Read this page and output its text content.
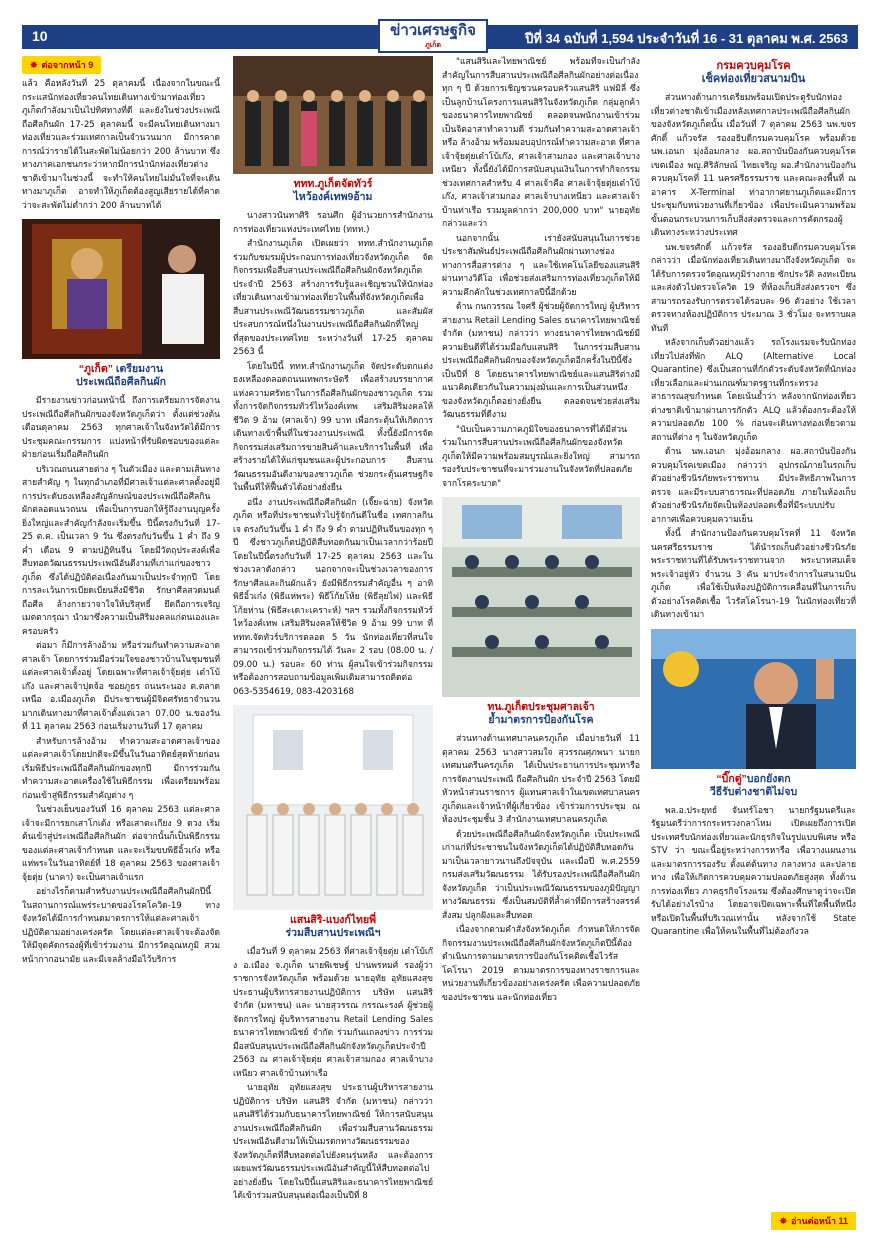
10	ข่าวเศรษฐกิจ
ภูเก็ต	ปีที่ 34 ฉบับที่ 1,594 ประจำวันที่ 16 - 31 ตุลาคม พ.ศ. 2563
✸ ต่อจากหน้า 9

แล้ว คือหลังวันที่ 25 ตุลาคมนี้ เนื่องจากในขณะนี้กระแสนักท่องเที่ยวคนไทยเดินทางเข้ามาท่องเที่ยวภูเก็ตกำลังมาเป็นไปทิศทางที่ดี และยังในช่วงประเพณีถือศีลกินผัก 17-25 ตุลาคมนี้ จะมีคนไทยเดินทางมาท่องเที่ยวและร่วมเทศกาลเป็นจำนวนมาก มีการคาดการณ์ว่ารายได้ในสะพัดไม่น้อยกว่า 200 ล้านบาท ซึ่งทางภาคเอกชนกระว่าหากมีการนำนักท่องเที่ยวต่างชาติเข้ามาในช่วงนี้ จะทำให้คนไทยไม่มั่นใจที่จะเดินทางมาภูเก็ต อาจทำให้ภูเก็ตต้องสูญเสียรายได้ที่คาดว่าจะสะพัดไม่ต่ำกว่า 200 ล้านบาทได้

“ภูเก็ต” เตรียมงาน
ประเพณีถือศีลกินผัก

มีรายงานข่าวก่อนหน้านี้ ถึงการเตรียมการจัดงานประเพณีถือศีลกินผักของจังหวัดภูเก็ตว่า ตั้งแต่ช่วงต้นเดือนตุลาคม 2563 ทุกศาลเจ้าในจังหวัดได้มีการประชุมคณะกรรมการ แบ่งหน้าที่รับผิดชอบของแต่ละฝ่ายก่อนเริ่มถือศีลกินผัก

บริเวณถนนสายต่าง ๆ ในตัวเมือง และตามเส้นทางสายสำคัญ ๆ ในทุกอำเภอที่มีศาลเจ้าแต่ละศาลตั้งอยู่มีการประดับธงเหลืองสัญลักษณ์ของประเพณีถือศีลกินผักตลอดแนวถนน เพื่อเป็นการบอกให้รู้ถึงงานบุญครั้งยิ่งใหญ่และสำคัญกำลังจะเริ่มขึ้น ปีนี้ตรงกับวันที่ 17-25 ต.ค. เป็นเวลา 9 วัน ซึ่งตรงกับวันขึ้น 1 ค่ำ ถึง 9 ค่ำ เดือน 9 ตามปฏิทินจีน โดยมีวัตถุประสงค์เพื่อสืบทอดวัฒนธรรมประเพณีอันดีงามที่เก่าแก่ของชาวภูเก็ต ซึ่งได้ปฏิบัติต่อเนื่องกันมาเป็นประจำทุกปี โดยการละเว้นการเบียดเบียนสิ่งมีชีวิต รักษาศีลสวดมนต์ถือศีล ล้างกายวาจาใจให้บริสุทธิ์ ยึดถือการเจริญเมตตากรุณา นำมาซึ่งความเป็นสิริมงคลแก่ตนเองและครอบครัว

ต่อมา ก็มีการล้างอ้าม หรือร่วมกันทำความสะอาดศาลเจ้า โดยการร่วมมือร่วมใจของชาวบ้านในชุมชนที่แต่ละศาลเจ้าตั้งอยู่ โดยเฉพาะที่ศาลเจ้าจุ้ยตุ่ย เต๋าโบ้เก๊ง และศาลเจ้าปุดจ้อ ซอยภูธร ถนนระนอง ต.ตลาดเหนือ อ.เมืองภูเก็ต มีประชาชนผู้มีจิตศรัทธาจำนวนมากเดินทางมาที่ศาลเจ้าตั้งแต่เวลา 07.00 น.ของวันที่ 11 ตุลาคม 2563 ก่อนเริ่มงานวันที่ 17 ตุลาคม

สำหรับการล้างอ้าม ทำความสะอาดศาลเจ้าของแต่ละศาลเจ้าโดยปกติจะมีขึ้นในวันอาทิตย์สุดท้ายก่อนเริ่มพิธีประเพณีถือศีลกินผักของทุกปี มีการร่วมกันทำความสะอาดเครื่องใช้ในพิธีกรรม เพื่อเตรียมพร้อมก่อนเข้าสู่พิธีกรรมสำคัญต่าง ๆ

ในช่วงเย็นของวันที่ 16 ตุลาคม 2563 แต่ละศาลเจ้าจะมีการยกเสาโกเต้ง หรือเสาตะเกียง 9 ดวง เริ่มต้นเข้าสู่ประเพณีถือศีลกินผัก ต่อจากนั้นก็เป็นพิธีกรรมของแต่ละศาลเจ้ากำหนด และจะเริ่มขบพิธีอิ้วเก๋ง หรือแห่พระในวันอาทิตย์ที่ 18 ตุลาคม 2563 ของศาลเจ้าจุ้ยตุ่ย (นาคา) จะเป็นศาลเจ้าแรก

อย่างไรก็ตามสำหรับงานประเพณีถือศีลกินผักปีนี้ในสถานการณ์แพร่ระบาดของโรคโควิด-19 ทางจังหวัดได้มีการกำหนดมาตรการให้แต่ละศาลเจ้าปฏิบัติตามอย่างเคร่งครัด โดยแต่ละศาลเจ้าจะต้องจัดให้มีจุดคัดกรองผู้ที่เข้าร่วมงาน มีการวัดอุณหภูมิ สวมหน้ากากอนามัย และมีเจลล้างมือไว้บริการ

ททท.ภูเก็ตจัดทัวร์
ไหว้องค์เทพ9อ้าม

นางสาวนันทาศิริ รอนศึก ผู้อำนวยการสำนักงานการท่องเที่ยวแห่งประเทศไทย (ททท.)

สำนักงานภูเก็ต เปิดเผยว่า ททท.สำนักงานภูเก็ต ร่วมกับชมรมผู้ประกอบการท่องเที่ยวจังหวัดภูเก็ต จัดกิจกรรมเพื่อสืบสานประเพณีถือศีลกินผักจังหวัดภูเก็ต ประจำปี 2563 สร้างการรับรู้และเชิญชวนให้นักท่องเที่ยวเดินทางเข้ามาท่องเที่ยวในพื้นที่จังหวัดภูเก็ตเพื่อสืบสานประเพณีวัฒนธรรมชาวภูเก็ต และสัมผัสประสบการณ์หนึ่งในงานประเพณีถือศีลกินผักที่ใหญ่ที่สุดของประเทศไทย ระหว่างวันที่ 17-25 ตุลาคม 2563 นี้

โดยในปีนี้ ททท.สำนักงานภูเก็ต จัดประดับตกแต่งธงเหลืองตลอดถนนเทพกระษัตรี เพื่อสร้างบรรยากาศแห่งความศรัทธาในการถือศีลกินผักของชาวภูเก็ต รวมทั้งการจัดกิจกรรมทัวร์ไหว้องค์เทพ เสริมสิริมงคลให้ชีวิต 9 อ้าม (ศาลเจ้า) 99 บาท เพื่อกระตุ้นให้เกิดการเดินทางเข้าพื้นที่ในช่วงงานประเพณี ทั้งนี้ยังมีการจัดกิจกรรมส่งเสริมการขายสินค้าและบริการในพื้นที่ เพื่อสร้างรายได้ให้แก่ชุมชนและผู้ประกอบการ สืบสานวัฒนธรรมอันดีงามของชาวภูเก็ต ช่วยกระตุ้นเศรษฐกิจในพื้นที่ให้ฟื้นตัวได้อย่างยั่งยืน

อนึ่ง งานประเพณีถือศีลกินผัก (เจี๊ยะฉ่าย) จังหวัดภูเก็ต หรือที่ประชาชนทั่วไปรู้จักกันดีในชื่อ เทศกาลกินเจ ตรงกับวันขึ้น 1 ค่ำ ถึง 9 ค่ำ ตามปฏิทินจีนของทุก ๆ ปี ซึ่งชาวภูเก็ตปฏิบัติสืบทอดกันมาเป็นเวลากว่าร้อยปี โดยในปีนี้ตรงกับวันที่ 17-25 ตุลาคม 2563 และในช่วงเวลาดังกล่าว นอกจากจะเป็นช่วงเวลาของการรักษาศีลและกินผักแล้ว ยังมีพิธีกรรมสำคัญอื่น ๆ อาทิ พิธีอิ้วเก๋ง (พิธีแห่พระ) พิธีโก้ยโห้ย (พิธีลุยไฟ) และพิธีโก้ยห่าน (พิธีสะเดาะเคราะห์) ฯลฯ รวมทั้งกิจกรรมทัวร์ไหว้องค์เทพ เสริมสิริมงคลให้ชีวิต 9 อ้าม 99 บาท ที่ ททท.จัดทัวร์บริการตลอด 5 วัน นักท่องเที่ยวที่สนใจสามารถเข้าร่วมกิจกรรมได้ วันละ 2 รอบ (08.00 น. / 09.00 น.) รอบละ 60 ท่าน ผู้สนใจเข้าร่วมกิจกรรม หรือต้องการสอบถามข้อมูลเพิ่มเติมสามารถติดต่อ 063-5354619, 083-4203168

แสนสิริ-แบงก์ไทยพี่
ร่วมสืบสานประเพณีฯ

เมื่อวันที่ 9 ตุลาคม 2563 ที่ศาลเจ้าจุ้ยตุ่ย เต๋าโบ้เก๊ง อ.เมือง จ.ภูเก็ต นายพิเชษฐ์ ปานพรหมศ์ รองผู้ว่าราชการจังหวัดภูเก็ต พร้อมด้วย นายอุทัย อุทัยแสงสุข ประธานผู้บริหารสายงานปฏิบัติการ บริษัท แสนสิริ จำกัด (มหาชน) และ นายสุวรรณ กรรณะรงค์ ผู้ช่วยผู้จัดการใหญ่ ผู้บริหารสายงาน Retail Lending Sales ธนาคารไทยพาณิชย์ จำกัด ร่วมกันแถลงข่าว การร่วมมือสนับสนุนประเพณีถือศีลกินผักจังหวัดภูเก็ตประจำปี 2563 ณ ศาลเจ้าจุ้ยตุ่ย ศาลเจ้าสามกอง ศาลเจ้าบางเหนียว ศาลเจ้าบ้านท่าเรือ

นายอุทัย อุทัยแสงสุข ประธานผู้บริหารสายงานปฏิบัติการ บริษัท แสนสิริ จำกัด (มหาชน) กล่าวว่า แสนสิริได้ร่วมกับธนาคารไทยพาณิชย์ ให้การสนับสนุนงานประเพณีถือศีลกินผัก เพื่อร่วมสืบสานวัฒนธรรมประเพณีอันดีงามให้เป็นมรดกทางวัฒนธรรมของจังหวัดภูเก็ตที่สืบทอดต่อไปยังคนรุ่นหลัง และต้องการเผยแพร่วัฒนธรรมประเพณีอันสำคัญนี้ให้สืบทอดต่อไปอย่างยั่งยืน โดยในปีนี้แสนสิริและธนาคารไทยพาณิชย์ได้เข้าร่วมสนับสนุนต่อเนื่องเป็นปีที่ 8

"แสนสิริและไทยพาณิชย์ พร้อมที่จะเป็นกำลังสำคัญในการสืบสานประเพณีถือศีลกินผักอย่างต่อเนื่องทุก ๆ ปี ด้วยการเชิญชวนครอบครัวแสนสิริ แฟมิลี่ ซึ่งเป็นลูกบ้านโครงการแสนสิริในจังหวัดภูเก็ต กลุ่มลูกค้าของธนาคารไทยพาณิชย์ ตลอดจนพนักงานเข้าร่วมเป็นจิตอาสาทำความดี ร่วมกันทำความสะอาดศาลเจ้า หรือ ล้างอ้าม พร้อมมอบอุปกรณ์ทำความสะอาด ที่ศาลเจ้าจุ้ยตุ่ยเต๋าโบ้เก๊ง, ศาลเจ้าสามกอง และศาลเจ้าบางเหนียว ทั้งนี้ยังได้มีการสนับสนุนเงินในการทำกิจกรรมช่วงเทศกาลสำหรับ 4 ศาลเจ้าคือ ศาลเจ้าจุ้ยตุ่ยเต๋าโบ้เก๊ง, ศาลเจ้าสามกอง ศาลเจ้าบางเหนียว และศาลเจ้าบ้านท่าเรือ รวมมูลค่ากว่า 200,000 บาท" นายอุทัยกล่าวและว่า

นอกจากนั้น เรายังสนับสนุนในการช่วยประชาสัมพันธ์ประเพณีถือศีลกินผักผ่านทางช่องทางการสื่อสารต่าง ๆ และใช้เทคโนโลยีของแสนสิริผ่านทางวิดีโอ เพื่อช่วยส่งเสริมการท่องเที่ยวภูเก็ตให้มีความคึกคักในช่วงเทศกาลปีนี้อีกด้วย

ด้าน กนกวรรณ ใจศรี ผู้ช่วยผู้จัดการใหญ่ ผู้บริหารสายงาน Retail Lending Sales ธนาคารไทยพาณิชย์ จำกัด (มหาชน) กล่าวว่า ทางธนาคารไทยพาณิชย์มีความยินดีที่ได้ร่วมมือกับแสนสิริ ในการร่วมสืบสานประเพณีถือศีลกินผักของจังหวัดภูเก็ตอีกครั้งในปีนี้ซึ่งเป็นปีที่ 8 โดยธนาคารไทยพาณิชย์และแสนสิริต่างมีแนวคิดเดียวกันในความมุ่งมั่นและการเป็นส่วนหนึ่งของจังหวัดภูเก็ตอย่างยั่งยืน ตลอดจนช่วยส่งเสริมวัฒนธรรมที่ดีงาม

"นับเป็นความภาคภูมิใจของธนาคารที่ได้มีส่วนร่วมในการสืบสานประเพณีถือศีลกินผักของจังหวัดภูเก็ตให้มีความพร้อมสมบูรณ์และยิ่งใหญ่ สามารถรองรับประชาชนที่จะมาร่วมงานในจังหวัดที่ปลอดภัยจากโรคระบาด"

ทน.ภูเก็ตประชุมศาลเจ้า
ย้ำมาตรการป้องกันโรค

ส่วนทางด้านเทศบาลนครภูเก็ต เมื่อบ่ายวันที่ 11 ตุลาคม 2563 นางสาวสมใจ สุวรรณศุภพนา นายกเทศมนตรีนครภูเก็ต ได้เป็นประธานการประชุมหารือการจัดงานประเพณี ถือศีลกินผัก ประจำปี 2563 โดยมีหัวหน้าส่วนราชการ ผู้แทนศาลเจ้าในเขตเทศบาลนครภูเก็ตและเจ้าหน้าที่ผู้เกี่ยวข้อง เข้าร่วมการประชุม ณ ห้องประชุมชั้น 3 สำนักงานเทศบาลนครภูเก็ต

ด้วยประเพณีถือศีลกินผักจังหวัดภูเก็ต เป็นประเพณีเก่าแก่ที่ประชาชนในจังหวัดภูเก็ตได้ปฏิบัติสืบทอดกันมาเป็นเวลายาวนานถึงปัจจุบัน และเมื่อปี พ.ศ.2559 กรมส่งเสริมวัฒนธรรม ได้รับรองประเพณีถือศีลกินผักจังหวัดภูเก็ต ว่าเป็นประเพณีวัฒนธรรมของภูมิปัญญาทางวัฒนธรรม ซึ่งเป็นสมบัติที่ล้ำค่าที่มีการสร้างสรรค์สั่งสม ปลูกฝังและสืบทอด

เนื่องจากตามคำสั่งจังหวัดภูเก็ต กำหนดให้การจัดกิจกรรมงานประเพณีถือศีลกินผักจังหวัดภูเก็ตปีนี้ต้องดำเนินการตามมาตรการป้องกันโรคติดเชื้อไวรัสโคโรนา 2019 ตามมาตรการของทางราชการและหน่วยงานที่เกี่ยวข้องอย่างเคร่งครัด เพื่อความปลอดภัยของประชาชน และนักท่องเที่ยว

กรมควบคุมโรค
เช็คท่องเที่ยวสนามบิน

ส่วนทางด้านการเตรียมพร้อมเปิดประตูรับนักท่องเที่ยวต่างชาติเข้าเมืองหลังเทศกาลประเพณีถือศีลกินผักของจังหวัดภูเก็ตนั้น เมื่อวันที่ 7 ตุลาคม 2563 นพ.ขจรศักดิ์ แก้วจรัส รองอธิบดีกรมควบคุมโรค พร้อมด้วย นพ.เอนก มุ่งอ้อมกลาง ผอ.สถาบันป้องกันควบคุมโรคเขตเมือง พญ.ศิริลักษณ์ ไทยเจริญ ผอ.สำนักงานป้องกันควบคุมโรคที่ 11 นครศรีธรรมราช และคณะลงพื้นที่ ณ อาคาร X-Terminal ท่าอากาศยานภูเก็ตและมีการประชุมกับหน่วยงานที่เกี่ยวข้อง เพื่อประเมินความพร้อมขั้นตอนกระบวนการเก็บสิ่งส่งตรวจและการคัดกรองผู้เดินทางระหว่างประเทศ

นพ.ขจรศักดิ์ แก้วจรัส รองอธิบดีกรมควบคุมโรค กล่าวว่า เมื่อนักท่องเที่ยวเดินทางมาถึงจังหวัดภูเก็ต จะได้รับการตรวจวัดอุณหภูมิร่างกาย ซักประวัติ ลงทะเบียน และส่งตัวไปตรวจโควิด 19 ที่ห้องเก็บสิ่งส่งตรวจฯ ซึ่งสามารถรองรับการตรวจได้รอบละ 96 ตัวอย่าง ใช้เวลาตรวจทางห้องปฏิบัติการ ประมาณ 3 ชั่วโมง จะทราบผลทันที

หลังจากเก็บตัวอย่างแล้ว รถโรงแรมจะรับนักท่องเที่ยวไปส่งที่พัก ALQ (Alternative Local Quarantine) ซึ่งเป็นสถานที่กักตัวระดับจังหวัดที่นักท่องเที่ยวเลือกและผ่านเกณฑ์มาตรฐานที่กระทรวงสาธารณสุขกำหนด โดยเน้นย้ำว่า หลังจากนักท่องเที่ยวต่างชาติเข้ามาผ่านการกักตัว ALQ แล้วต้องกระต้องให้ความปลอดภัย 100 % ก่อนจะเดินทางท่องเที่ยวตามสถานที่ต่าง ๆ ในจังหวัดภูเก็ต

ด้าน นพ.เอนก มุ่งอ้อมกลาง ผอ.สถาบันป้องกันควบคุมโรคเขตเมือง กล่าวว่า อุปกรณ์ภายในรถเก็บตัวอย่างชีวนิรภัยพระราชทาน มีประสิทธิภาพในการตรวจ และมีระบบสาธารณะที่ปลอดภัย ภายในห้องเก็บตัวอย่างชีวนิรภัยจัดเป็นห้องปลอดเชื้อที่มีระบบปรับอากาศเพื่อควบคุมความเย็น

ทั้งนี้ สำนักงานป้องกันควบคุมโรคที่ 11 จังหวัดนครศรีธรรมราช ได้นำรถเก็บตัวอย่างชีวนิรภัยพระราชทานที่ได้รับพระราชทานจาก พระบาทสมเด็จพระเจ้าอยู่หัว จำนวน 3 คัน มาประจำการในสนามบินภูเก็ต เพื่อใช้เป็นห้องปฏิบัติการเคลื่อนที่ในการเก็บตัวอย่างโรคติดเชื้อ ไวรัสโคโรนา-19 ในนักท่องเที่ยวที่เดินทางเข้ามา

“บิ๊กตู่”บอกยังตก
วีธีรับต่างชาติไม่จบ

พล.อ.ประยุทธ์ จันทร์โอชา นายกรัฐมนตรีและรัฐมนตรีว่าการกระทรวงกลาโหม เปิดเผยถึงการเปิดประเทศรับนักท่องเที่ยวและนักธุรกิจในรูปแบบพิเศษ หรือ STV ว่า ขณะนี้อยู่ระหว่างการหารือ เพื่อวางแผนงานและมาตรการรองรับ ตั้งแต่ต้นทาง กลางทาง และปลายทาง เพื่อให้เกิดการควบคุมความปลอดภัยสูงสุด ทั้งด้านการท่องเที่ยว ภาคธุรกิจโรงแรม ซึ่งต้องศึกษาดูว่าจะเปิดรับได้อย่างไรบ้าง โดยอาจเปิดเฉพาะพื้นที่ใดพื้นที่หนึ่ง หรือเปิดในพื้นที่บริเวณเท่านั้น หลังจากใช้ State Quarantine เพื่อให้คนในพื้นที่ไม่ต้องกังวล

✸ อ่านต่อหน้า 11
